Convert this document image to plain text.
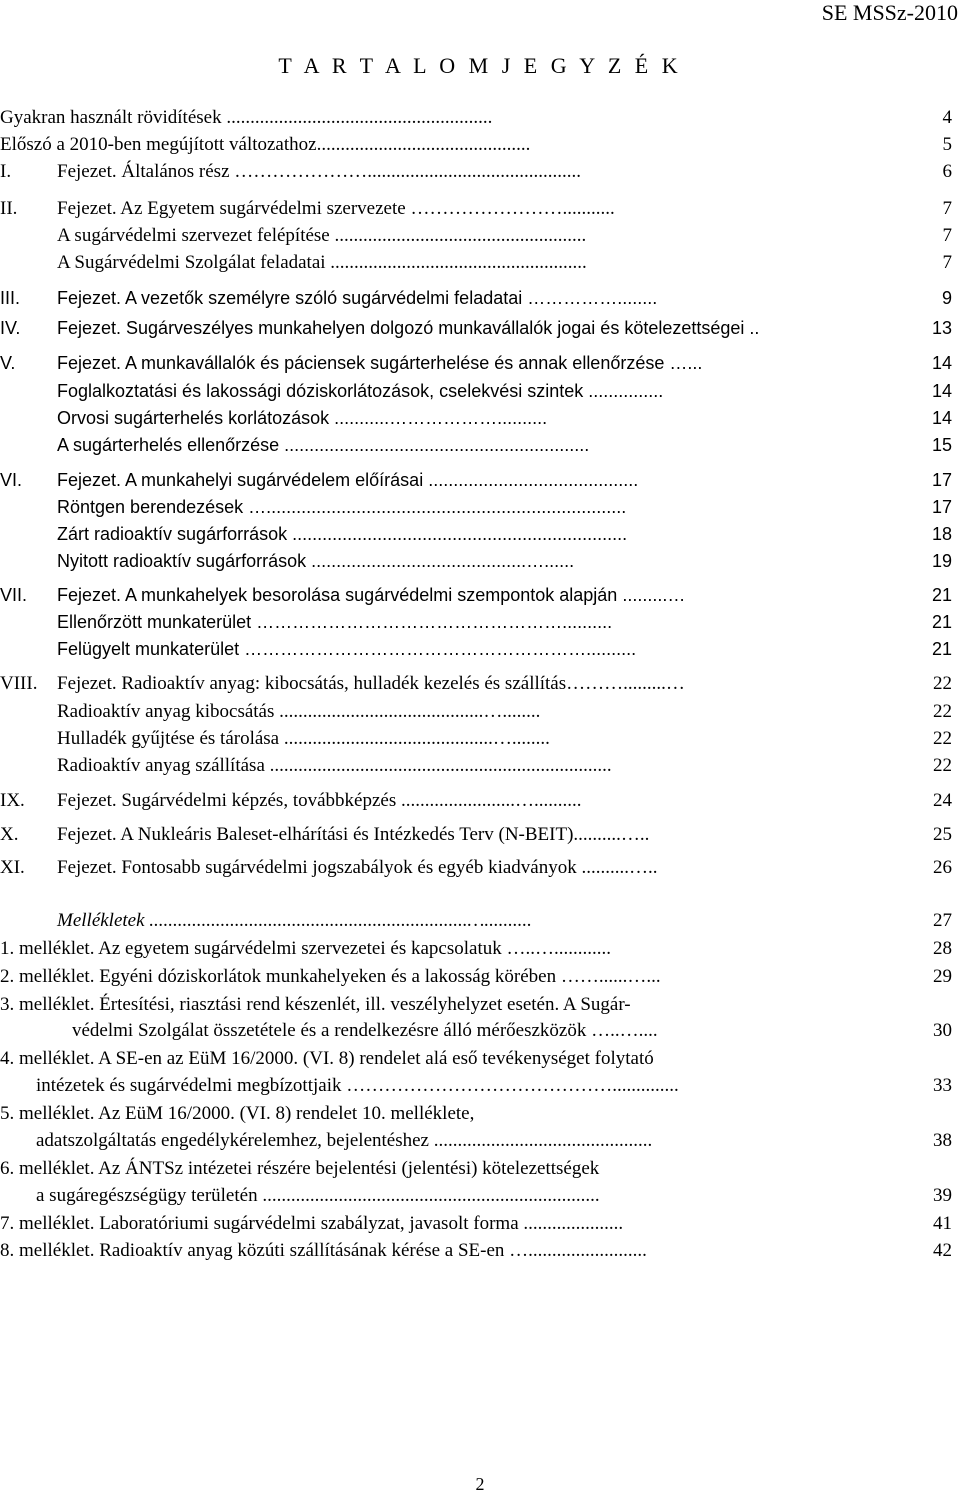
SE MSSz-2010
T A R T A L O M J E G Y Z É K
Gyakran használt rövidítések ........................................................	4
Előszó a 2010-ben megújított változathoz.............................................	5
I. Fejezet. Általános rész ………………….............................................	6
II. Fejezet. Az Egyetem sugárvédelmi szervezete ……………………...........	7
A sugárvédelmi szervezet felépítése .....................................................	7
A Sugárvédelmi Szolgálat feladatai ......................................................	7
III. Fejezet. A vezetők személyre szóló sugárvédelmi feladatai ……………........	9
IV. Fejezet. Sugárveszélyes munkahelyen dolgozó munkavállalók jogai és kötelezettségei ..	13
V. Fejezet. A munkavállalók és páciensek sugárterhelése és annak ellenőrzése …...	14
Foglalkoztatási és lakossági dóziskorlátozások, cselekvési szintek ...............	14
Orvosi sugárterhelés korlátozások ...........………………..........	14
A sugárterhelés ellenőrzése .............................................................	15
VI. Fejezet. A munkahelyi sugárvédelem előírásai ..........................................	17
Röntgen berendezések …........................................................................	17
Zárt radioaktív sugárforrások ...................................................................	18
Nyitott radioaktív sugárforrások ...........................................…......	19
VII. Fejezet. A munkahelyek besorolása sugárvédelmi szempontok alapján .........…	21
Ellenőrzött munkaterület ……………………………………………..........	21
Felügyelt munkaterület …………………………………………………..........	21
VIII. Fejezet. Radioaktív anyag: kibocsátás, hulladék kezelés és szállítás……….........…	22
Radioaktív anyag kibocsátás ...........................................…........	22
Hulladék gyűjtése és tárolása ............................................…........	22
Radioaktív anyag szállítása ........................................................................	22
IX. Fejezet. Sugárvédelmi képzés, továbbképzés ........................…..........	24
X. Fejezet. A Nukleáris Baleset-elhárítási és Intézkedés Terv (N-BEIT)..........…..	25
XI. Fejezet. Fontosabb sugárvédelmi jogszabályok és egyéb kiadványok ..........…..	26
Mellékletek ...................................................................…..........	27
1. melléklet. Az egyetem sugárvédelmi szervezetei és kapcsolatuk …..…............	28
2. melléklet. Egyéni dóziskorlátok munkahelyeken és a lakosság körében ……......…...	29
3. melléklet. Értesítési, riasztási rend készenlét, ill. veszélyhelyzet esetén. A Sugár-
védelmi Szolgálat összetétele és a rendelkezésre álló mérőeszközök …..…....	30
4. melléklet. A SE-en az EüM 16/2000. (VI. 8) rendelet alá eső tevékenységet folytató
intézetek és sugárvédelmi megbízottjaik ……………………………………..............	33
5. melléklet. Az EüM 16/2000. (VI. 8) rendelet 10. melléklete,
adatszolgáltatás engedélykérelemhez, bejelentéshez ..............................................	38
6. melléklet. Az ÁNTSz intézetei részére bejelentési (jelentési) kötelezettségek
a sugáregészségügy területén .......................................................................	39
7. melléklet. Laboratóriumi sugárvédelmi szabályzat, javasolt forma .....................	41
8. melléklet. Radioaktív anyag közúti szállításának kérése a SE-en ….........................	42
2
